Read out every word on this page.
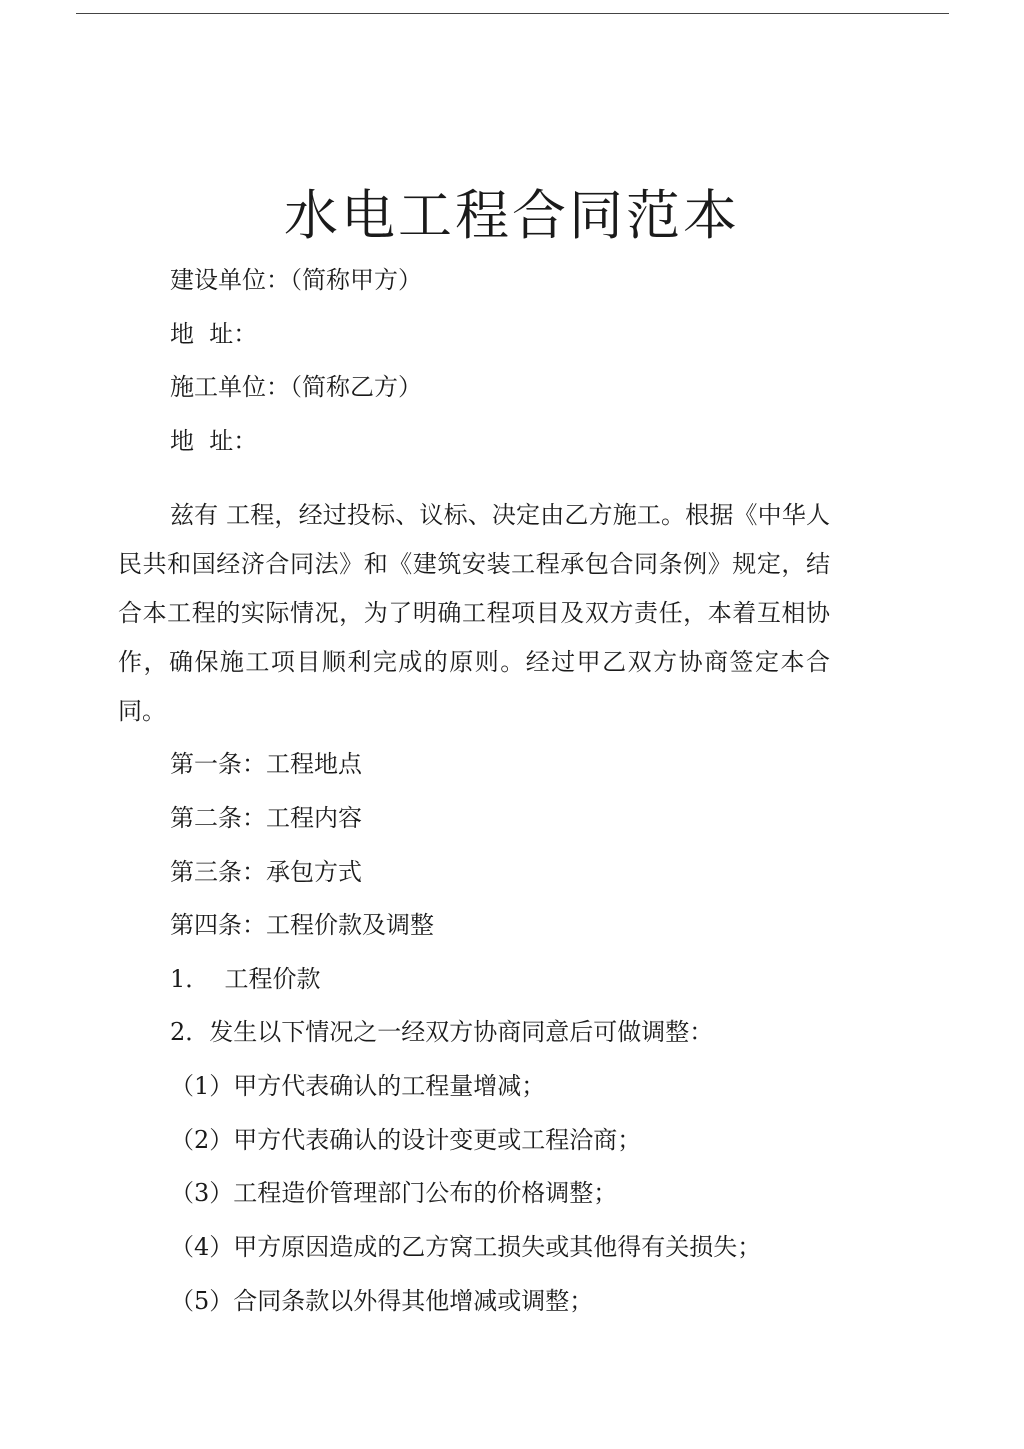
水电工程合同范本
建设单位：（简称甲方）
地  址：
施工单位：（简称乙方）
地  址：

兹有 工程，经过投标、议标、决定由乙方施工。根据《中华人民共和国经济合同法》和《建筑安装工程承包合同条例》规定，结合本工程的实际情况，为了明确工程项目及双方责任，本着互相协作，确保施工项目顺利完成的原则。经过甲乙双方协商签定本合同。

第一条：工程地点
第二条：工程内容
第三条：承包方式
第四条：工程价款及调整
1．  工程价款
2．发生以下情况之一经双方协商同意后可做调整：
（1）甲方代表确认的工程量增减；
（2）甲方代表确认的设计变更或工程洽商；
（3）工程造价管理部门公布的价格调整；
（4）甲方原因造成的乙方窝工损失或其他得有关损失；
（5）合同条款以外得其他增减或调整；
